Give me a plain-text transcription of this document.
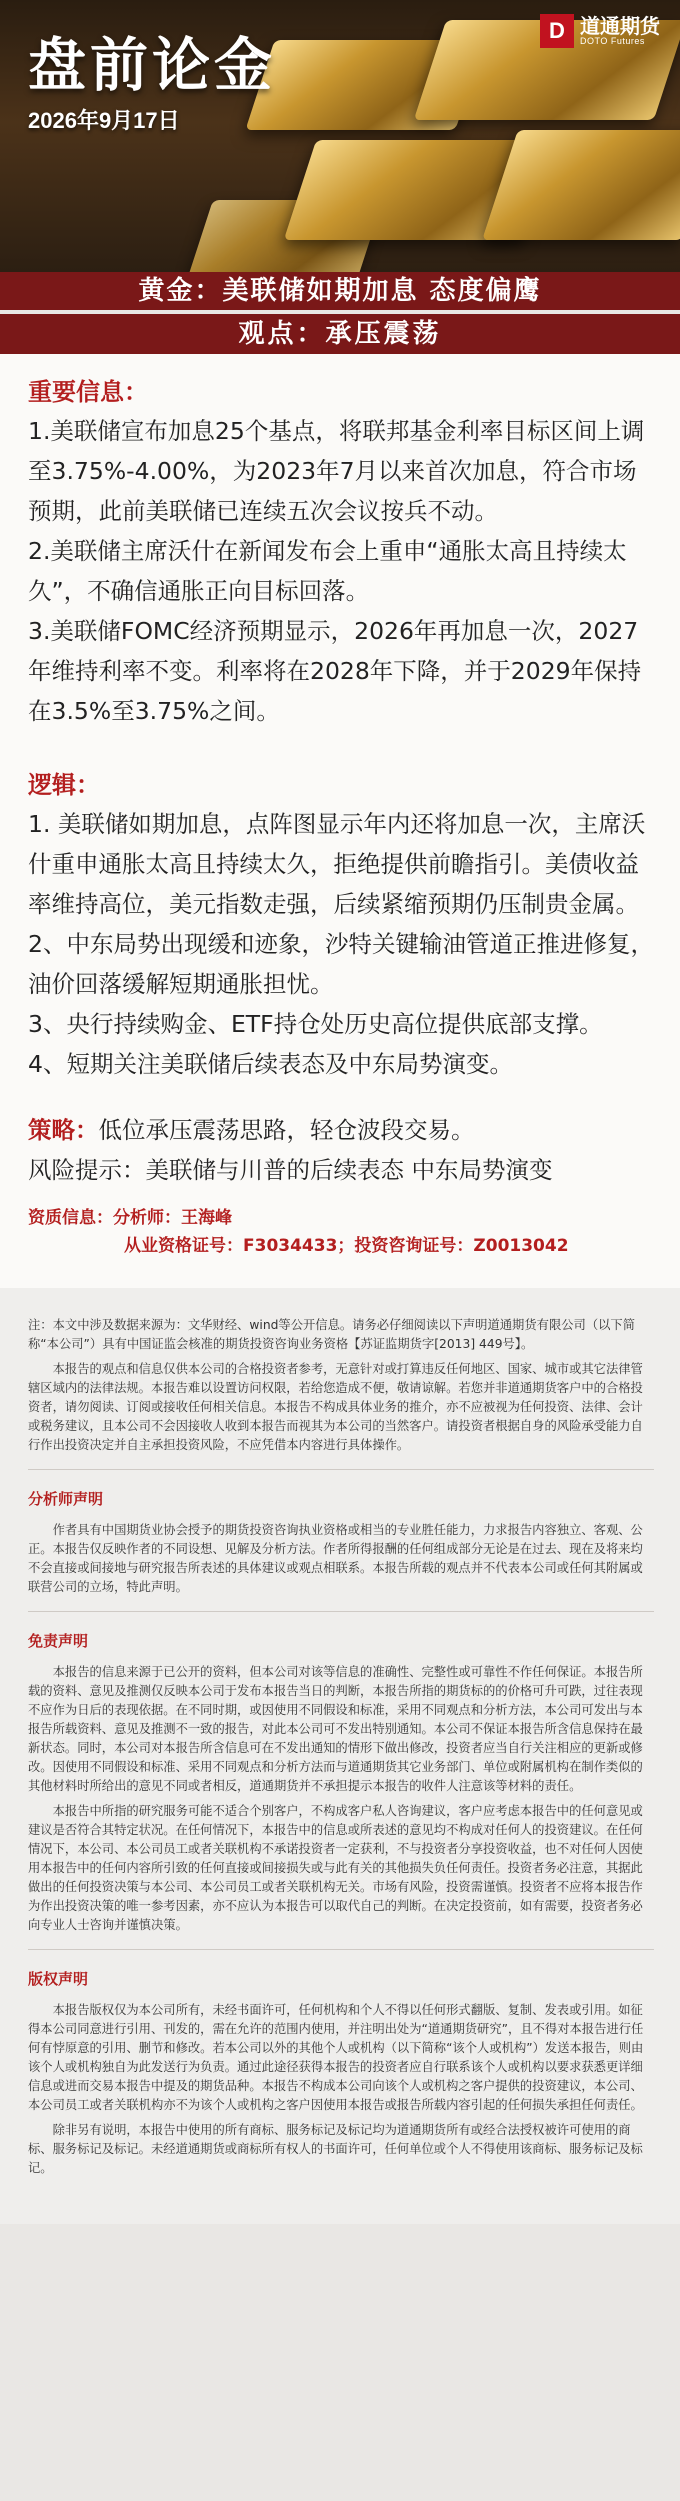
盘前论金
2026年9月17日
D 道通期货
DOTO Futures
黄金：美联储如期加息 态度偏鹰
观点：承压震荡
重要信息：

1.美联储宣布加息25个基点，将联邦基金利率目标区间上调至3.75%-4.00%，为2023年7月以来首次加息，符合市场预期，此前美联储已连续五次会议按兵不动。

2.美联储主席沃什在新闻发布会上重申“通胀太高且持续太久”，不确信通胀正向目标回落。

3.美联储FOMC经济预期显示，2026年再加息一次，2027年维持利率不变。利率将在2028年下降，并于2029年保持在3.5%至3.75%之间。

逻辑：

1. 美联储如期加息，点阵图显示年内还将加息一次，主席沃什重申通胀太高且持续太久，拒绝提供前瞻指引。美债收益率维持高位，美元指数走强，后续紧缩预期仍压制贵金属。

2、中东局势出现缓和迹象，沙特关键输油管道正推进修复，油价回落缓解短期通胀担忧。

3、央行持续购金、ETF持仓处历史高位提供底部支撑。

4、短期关注美联储后续表态及中东局势演变。

策略：低位承压震荡思路，轻仓波段交易。
风险提示：美联储与川普的后续表态 中东局势演变
资质信息：分析师：王海峰
从业资格证号：F3034433；投资咨询证号：Z0013042

注：本文中涉及数据来源为：文华财经、wind等公开信息。请务必仔细阅读以下声明道通期货有限公司（以下简称“本公司”）具有中国证监会核准的期货投资咨询业务资格【苏证监期货字[2013] 449号】。

本报告的观点和信息仅供本公司的合格投资者参考，无意针对或打算违反任何地区、国家、城市或其它法律管辖区域内的法律法规。本报告难以设置访问权限，若给您造成不便，敬请谅解。若您并非道通期货客户中的合格投资者，请勿阅读、订阅或接收任何相关信息。本报告不构成具体业务的推介，亦不应被视为任何投资、法律、会计或税务建议，且本公司不会因接收人收到本报告而视其为本公司的当然客户。请投资者根据自身的风险承受能力自行作出投资决定并自主承担投资风险，不应凭借本内容进行具体操作。

分析师声明

作者具有中国期货业协会授予的期货投资咨询执业资格或相当的专业胜任能力，力求报告内容独立、客观、公正。本报告仅反映作者的不同设想、见解及分析方法。作者所得报酬的任何组成部分无论是在过去、现在及将来均不会直接或间接地与研究报告所表述的具体建议或观点相联系。本报告所载的观点并不代表本公司或任何其附属或联营公司的立场，特此声明。

免责声明

本报告的信息来源于已公开的资料，但本公司对该等信息的准确性、完整性或可靠性不作任何保证。本报告所载的资料、意见及推测仅反映本公司于发布本报告当日的判断，本报告所指的期货标的的价格可升可跌，过往表现不应作为日后的表现依据。在不同时期，或因使用不同假设和标准，采用不同观点和分析方法，本公司可发出与本报告所载资料、意见及推测不一致的报告，对此本公司可不发出特别通知。本公司不保证本报告所含信息保持在最新状态。同时，本公司对本报告所含信息可在不发出通知的情形下做出修改，投资者应当自行关注相应的更新或修改。因使用不同假设和标准、采用不同观点和分析方法而与道通期货其它业务部门、单位或附属机构在制作类似的其他材料时所给出的意见不同或者相反，道通期货并不承担提示本报告的收件人注意该等材料的责任。

本报告中所指的研究服务可能不适合个别客户，不构成客户私人咨询建议，客户应考虑本报告中的任何意见或建议是否符合其特定状况。在任何情况下，本报告中的信息或所表述的意见均不构成对任何人的投资建议。在任何情况下，本公司、本公司员工或者关联机构不承诺投资者一定获利，不与投资者分享投资收益，也不对任何人因使用本报告中的任何内容所引致的任何直接或间接损失或与此有关的其他损失负任何责任。投资者务必注意，其据此做出的任何投资决策与本公司、本公司员工或者关联机构无关。市场有风险，投资需谨慎。投资者不应将本报告作为作出投资决策的唯一参考因素，亦不应认为本报告可以取代自己的判断。在决定投资前，如有需要，投资者务必向专业人士咨询并谨慎决策。

版权声明

本报告版权仅为本公司所有，未经书面许可，任何机构和个人不得以任何形式翻版、复制、发表或引用。如征得本公司同意进行引用、刊发的，需在允许的范围内使用，并注明出处为“道通期货研究”，且不得对本报告进行任何有悖原意的引用、删节和修改。若本公司以外的其他个人或机构（以下简称“该个人或机构”）发送本报告，则由该个人或机构独自为此发送行为负责。通过此途径获得本报告的投资者应自行联系该个人或机构以要求获悉更详细信息或进而交易本报告中提及的期货品种。本报告不构成本公司向该个人或机构之客户提供的投资建议，本公司、本公司员工或者关联机构亦不为该个人或机构之客户因使用本报告或报告所载内容引起的任何损失承担任何责任。

除非另有说明，本报告中使用的所有商标、服务标记及标记均为道通期货所有或经合法授权被许可使用的商标、服务标记及标记。未经道通期货或商标所有权人的书面许可，任何单位或个人不得使用该商标、服务标记及标记。
